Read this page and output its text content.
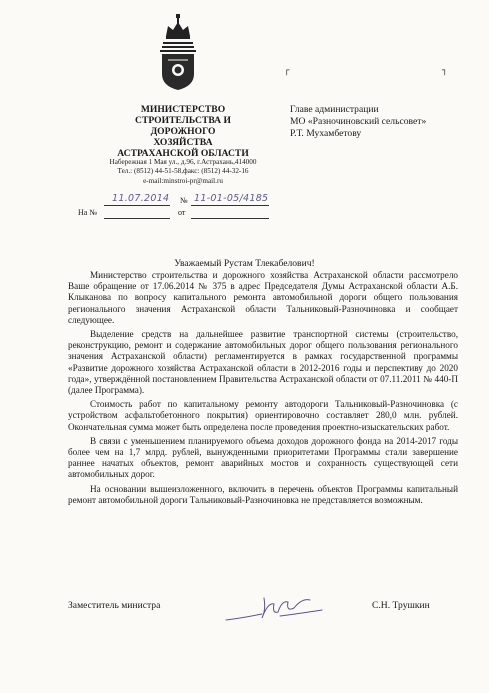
МИНИСТЕРСТВО
СТРОИТЕЛЬСТВА И ДОРОЖНОГО
ХОЗЯЙСТВА
АСТРАХАНСКОЙ ОБЛАСТИ
Набережная 1 Мая ул., д.96, г.Астрахань,414000
Тел.: (8512) 44-51-58,факс: (8512) 44-32-16
e-mail:minstroi-pr@mail.ru
11.07.2014 № 11-01-05/4185
На №	от
┌	┐
Главе администрации
МО «Разночиновский сельсовет»
Р.Т. Мухамбетову
Уважаемый Рустам Тлекабелович!

Министерство строительства и дорожного хозяйства Астраханской области рассмотрело Ваше обращение от 17.06.2014 № 375 в адрес Председателя Думы Астраханской области А.Б. Клыканова по вопросу капитального ремонта автомобильной дороги общего пользования регионального значения Астраханской области Тальниковый-Разночиновка и сообщает следующее.

Выделение средств на дальнейшее развитие транспортной системы (строительство, реконструкцию, ремонт и содержание автомобильных дорог общего пользования регионального значения Астраханской области) регламентируется в рамках государственной программы «Развитие дорожного хозяйства Астраханской области в 2012-2016 годы и перспективу до 2020 года», утверждённой постановлением Правительства Астраханской области от 07.11.2011 № 440-П (далее Программа).

Стоимость работ по капитальному ремонту автодороги Тальниковый-Разночиновка (с устройством асфальтобетонного покрытия) ориентировочно составляет 280,0 млн. рублей. Окончательная сумма может быть определена после проведения проектно-изыскательских работ.

В связи с уменьшением планируемого объема доходов дорожного фонда на 2014-2017 годы более чем на 1,7 млрд. рублей, вынужденными приоритетами Программы стали завершение раннее начатых объектов, ремонт аварийных мостов и сохранность существующей сети автомобильных дорог.

На основании вышеизложенного, включить в перечень объектов Программы капитальный ремонт автомобильной дороги Тальниковый-Разночиновка не представляется возможным.

Заместитель министра	С.Н. Трушкин
